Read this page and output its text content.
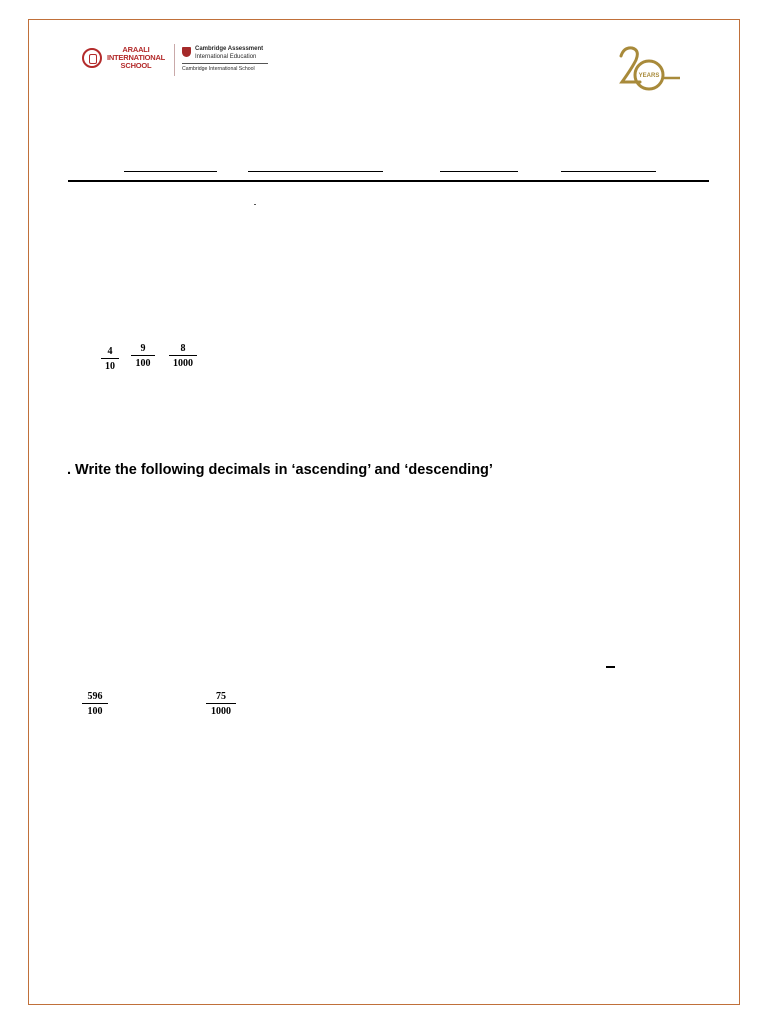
ARAALI
INTERNATIONAL
SCHOOL
Cambridge Assessment
International Education
Cambridge International School
YEARS
$\frac{4}{10} \frac{9}{100} \frac{8}{1000}$
. Write the following decimals in ‘ascending’ and ‘descending’
$\frac{596}{100}$	$\frac{75}{1000}$
